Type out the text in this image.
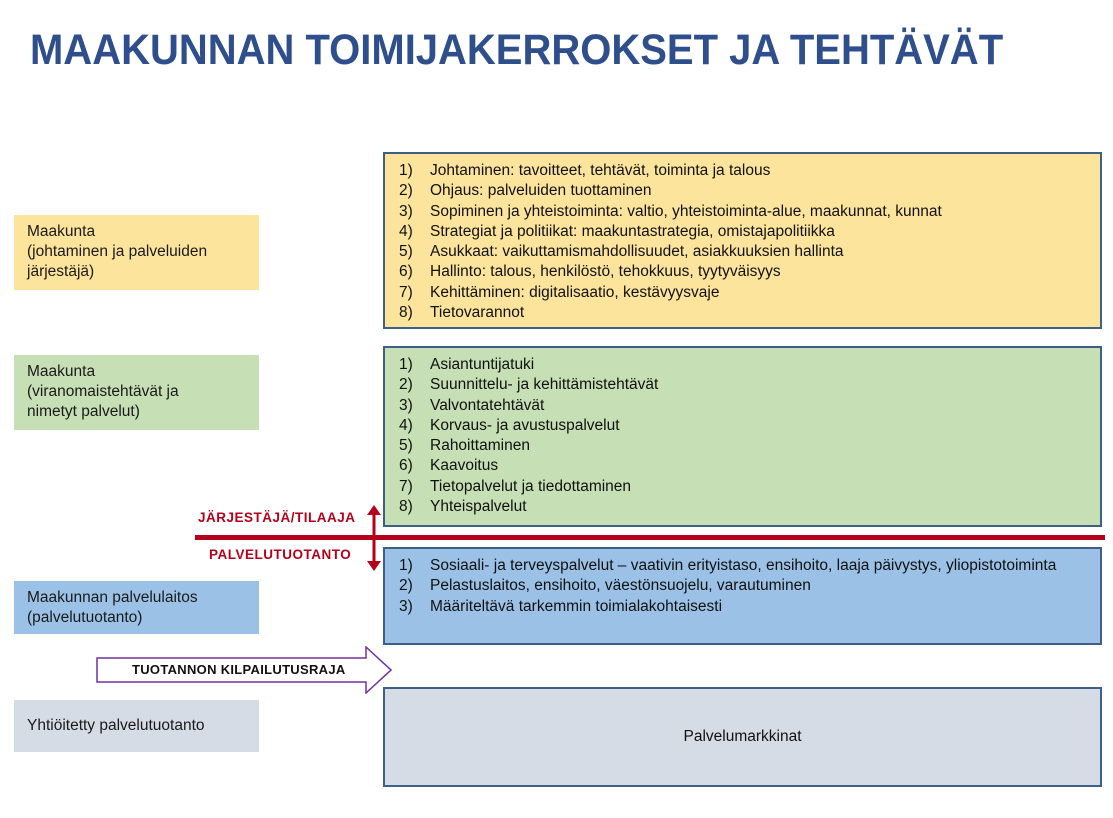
MAAKUNNAN TOIMIJAKERROKSET JA TEHTÄVÄT
Maakunta
(johtaminen ja palveluiden
järjestäjä)
1)	Johtaminen: tavoitteet, tehtävät, toiminta ja talous
2)	Ohjaus: palveluiden tuottaminen
3)	Sopiminen ja yhteistoiminta: valtio, yhteistoiminta-alue, maakunnat, kunnat
4)	Strategiat ja politiikat: maakuntastrategia, omistajapolitiikka
5)	Asukkaat: vaikuttamismahdollisuudet, asiakkuuksien hallinta
6)	Hallinto: talous, henkilöstö, tehokkuus, tyytyväisyys
7)	Kehittäminen: digitalisaatio, kestävyysvaje
8)	Tietovarannot
Maakunta
(viranomaistehtävät ja
nimetyt palvelut)
1)	Asiantuntijatuki
2)	Suunnittelu- ja kehittämistehtävät
3)	Valvontatehtävät
4)	Korvaus- ja avustuspalvelut
5)	Rahoittaminen
6)	Kaavoitus
7)	Tietopalvelut ja tiedottaminen
8)	Yhteispalvelut
JÄRJESTÄJÄ/TILAAJA
PALVELUTUOTANTO
Maakunnan palvelulaitos
(palvelutuotanto)
1)	Sosiaali- ja terveyspalvelut – vaativin erityistaso, ensihoito, laaja päivystys, yliopistotoiminta
2)	Pelastuslaitos, ensihoito, väestönsuojelu, varautuminen
3)	Määriteltävä tarkemmin toimialakohtaisesti
TUOTANNON KILPAILUTUSRAJA
Yhtiöitetty palvelutuotanto
Palvelumarkkinat
